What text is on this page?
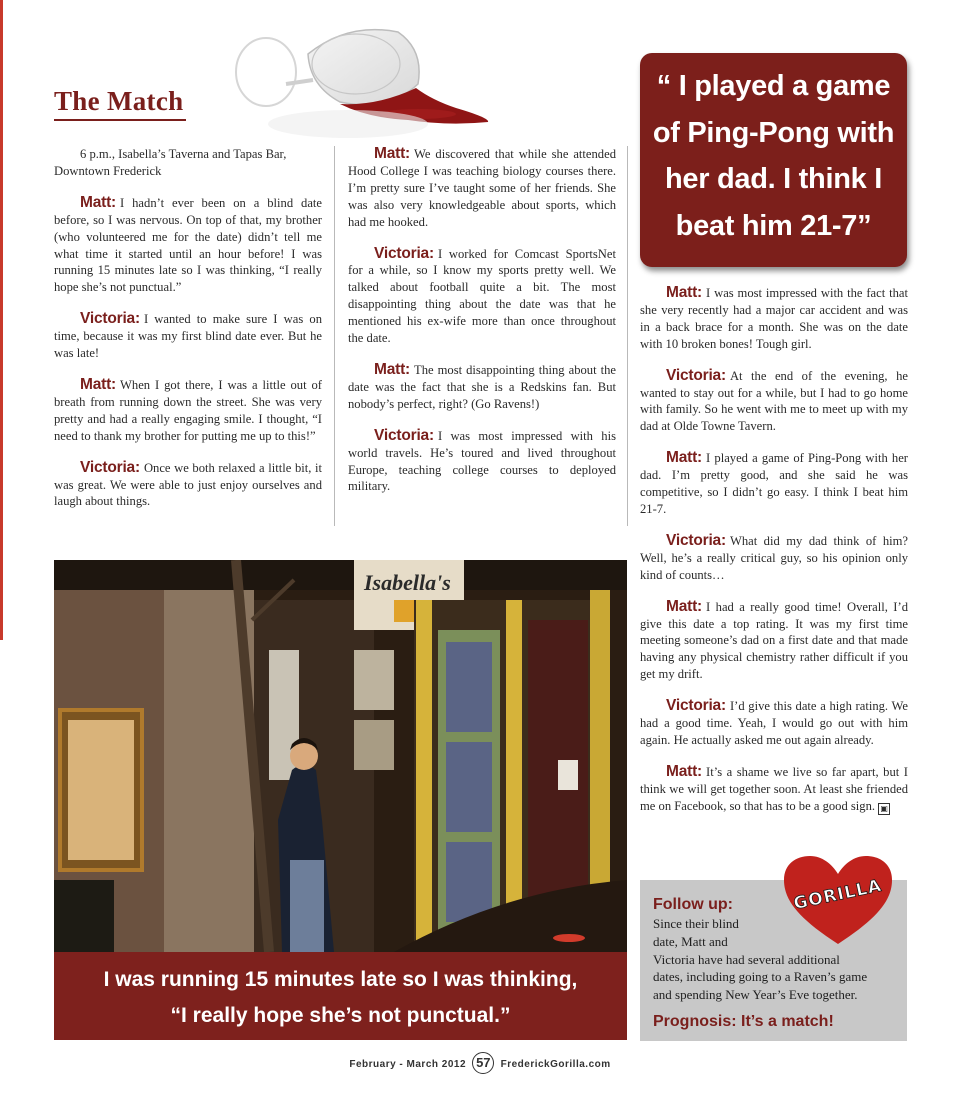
The Match

6 p.m., Isabella’s Taverna and Tapas Bar, Downtown Frederick

Matt: I hadn’t ever been on a blind date before, so I was nervous. On top of that, my brother (who volunteered me for the date) didn’t tell me what time it started until an hour before! I was running 15 minutes late so I was thinking, “I really hope she’s not punctual.”

Victoria: I wanted to make sure I was on time, because it was my first blind date ever. But he was late!

Matt: When I got there, I was a little out of breath from running down the street. She was very pretty and had a really engaging smile. I thought, “I need to thank my brother for putting me up to this!”

Victoria: Once we both relaxed a little bit, it was great. We were able to just enjoy ourselves and laugh about things.

Matt: We discovered that while she attended Hood College I was teaching biology courses there. I’m pretty sure I’ve taught some of her friends. She was also very knowledgeable about sports, which had me hooked.

Victoria: I worked for Comcast SportsNet for a while, so I know my sports pretty well. We talked about football quite a bit. The most disappointing thing about the date was that he mentioned his ex-wife more than once throughout the date.

Matt: The most disappointing thing about the date was the fact that she is a Redskins fan. But nobody’s perfect, right? (Go Ravens!)

Victoria: I was most impressed with his world travels. He’s toured and lived throughout Europe, teaching college courses to deployed military.

“ I played a game
of Ping-Pong with
her dad. I think I
beat him 21-7”

Matt: I was most impressed with the fact that she very recently had a major car accident and was in a back brace for a month. She was on the date with 10 broken bones! Tough girl.

Victoria: At the end of the evening, he wanted to stay out for a while, but I had to go home with family. So he went with me to meet up with my dad at Olde Towne Tavern.

Matt: I played a game of Ping-Pong with her dad. I’m pretty good, and she said he was competitive, so I didn’t go easy. I think I beat him 21-7.

Victoria: What did my dad think of him? Well, he’s a really critical guy, so his opinion only kind of counts…

Matt: I had a really good time! Overall, I’d give this date a top rating. It was my first time meeting someone’s dad on a first date and that made having any physical chemistry rather difficult if you get my drift.

Victoria: I’d give this date a high rating. We had a good time. Yeah, I would go out with him again. He actually asked me out again already.

Matt: It’s a shame we live so far apart, but I think we will get together soon. At least she friended me on Facebook, so that has to be a good sign. ▣

Isabella's
I was running 15 minutes late so I was thinking,
“I really hope she’s not punctual.”
Follow up:
Since their blind
date, Matt and
Victoria have had several additional
dates, including going to a Raven’s game
and spending New Year’s Eve together.
Prognosis: It’s a match!
GORILLA
February - March 2012 57 FrederickGorilla.com
